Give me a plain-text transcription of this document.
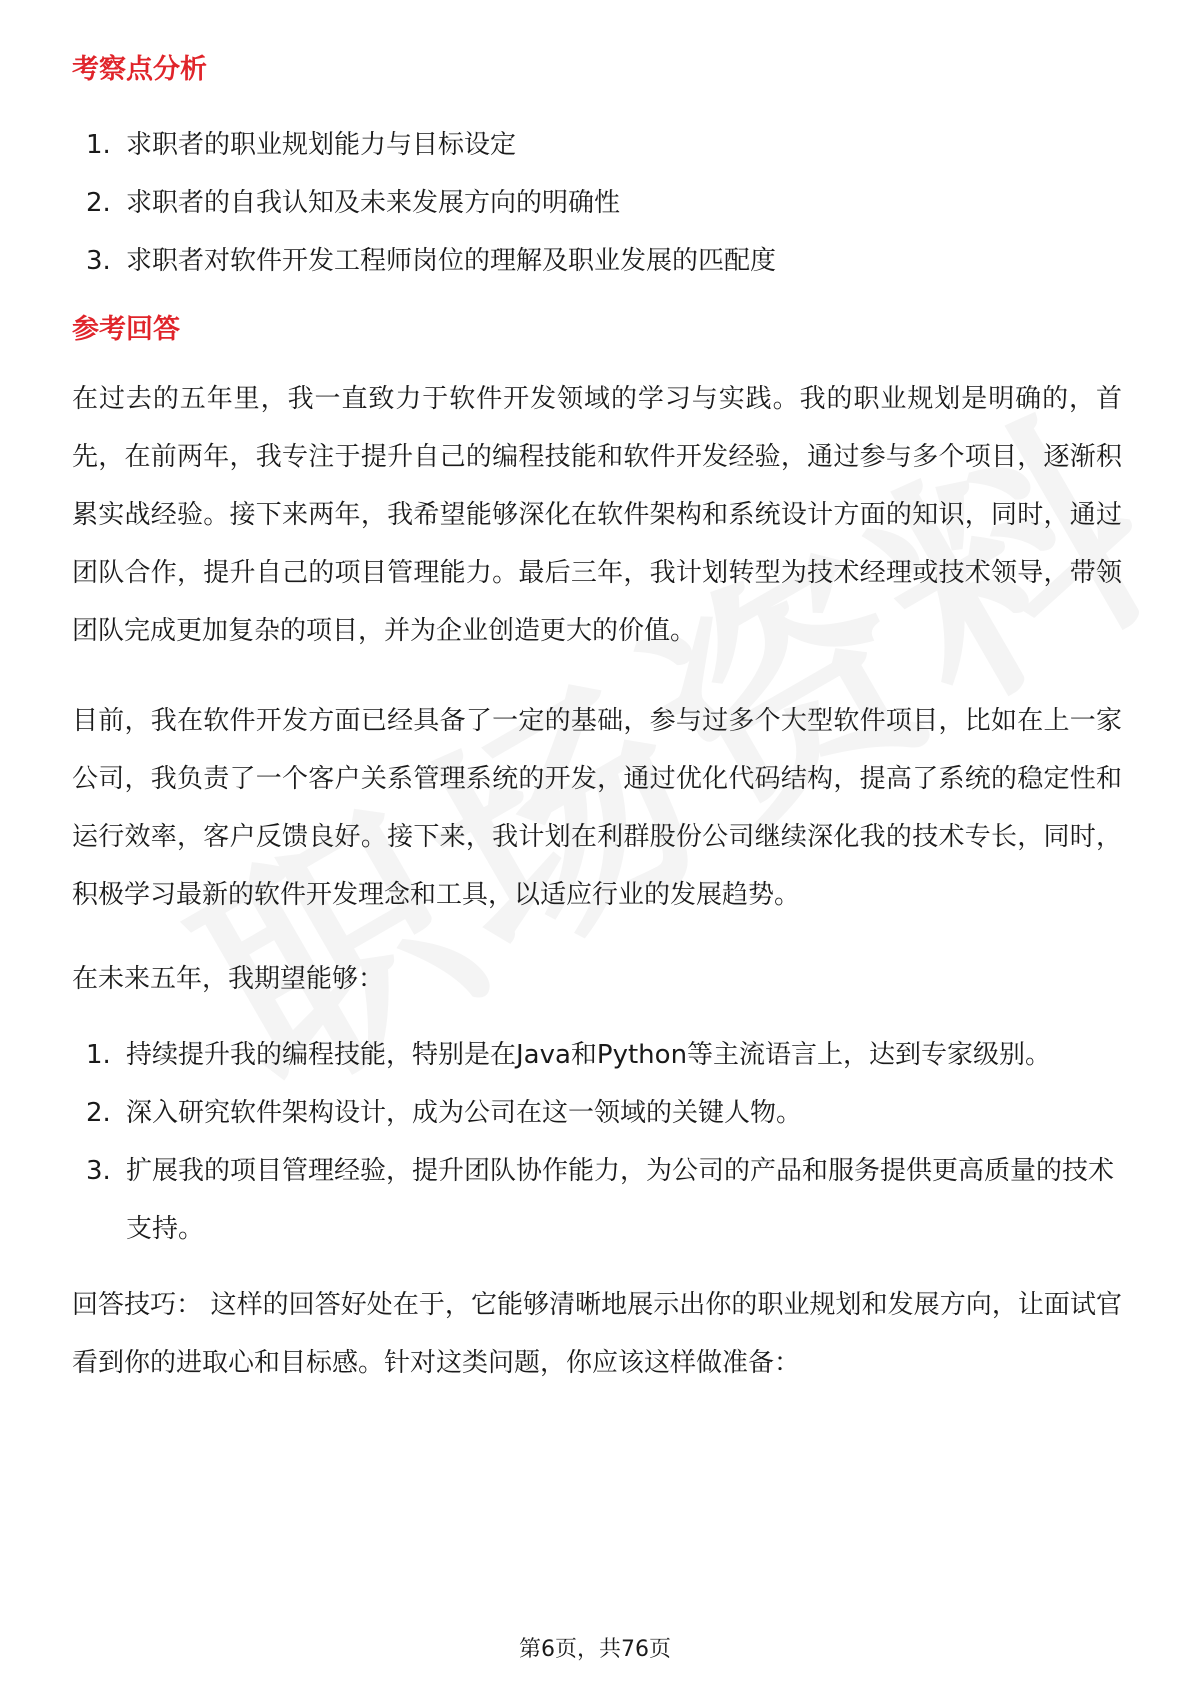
考察点分析
1. 求职者的职业规划能力与目标设定
2. 求职者的自我认知及未来发展方向的明确性
3. 求职者对软件开发工程师岗位的理解及职业发展的匹配度
参考回答

在过去的五年里，我一直致力于软件开发领域的学习与实践。我的职业规划是明确的，首先，在前两年，我专注于提升自己的编程技能和软件开发经验，通过参与多个项目，逐渐积累实战经验。接下来两年，我希望能够深化在软件架构和系统设计方面的知识，同时，通过团队合作，提升自己的项目管理能力。最后三年，我计划转型为技术经理或技术领导，带领团队完成更加复杂的项目，并为企业创造更大的价值。

目前，我在软件开发方面已经具备了一定的基础，参与过多个大型软件项目，比如在上一家公司，我负责了一个客户关系管理系统的开发，通过优化代码结构，提高了系统的稳定性和运行效率，客户反馈良好。接下来，我计划在利群股份公司继续深化我的技术专长，同时，积极学习最新的软件开发理念和工具，以适应行业的发展趋势。

在未来五年，我期望能够：

1. 持续提升我的编程技能，特别是在Java和Python等主流语言上，达到专家级别。
2. 深入研究软件架构设计，成为公司在这一领域的关键人物。
3. 扩展我的项目管理经验，提升团队协作能力，为公司的产品和服务提供更高质量的技术支持。

回答技巧： 这样的回答好处在于，它能够清晰地展示出你的职业规划和发展方向，让面试官看到你的进取心和目标感。针对这类问题，你应该这样做准备：

第6页，共76页
